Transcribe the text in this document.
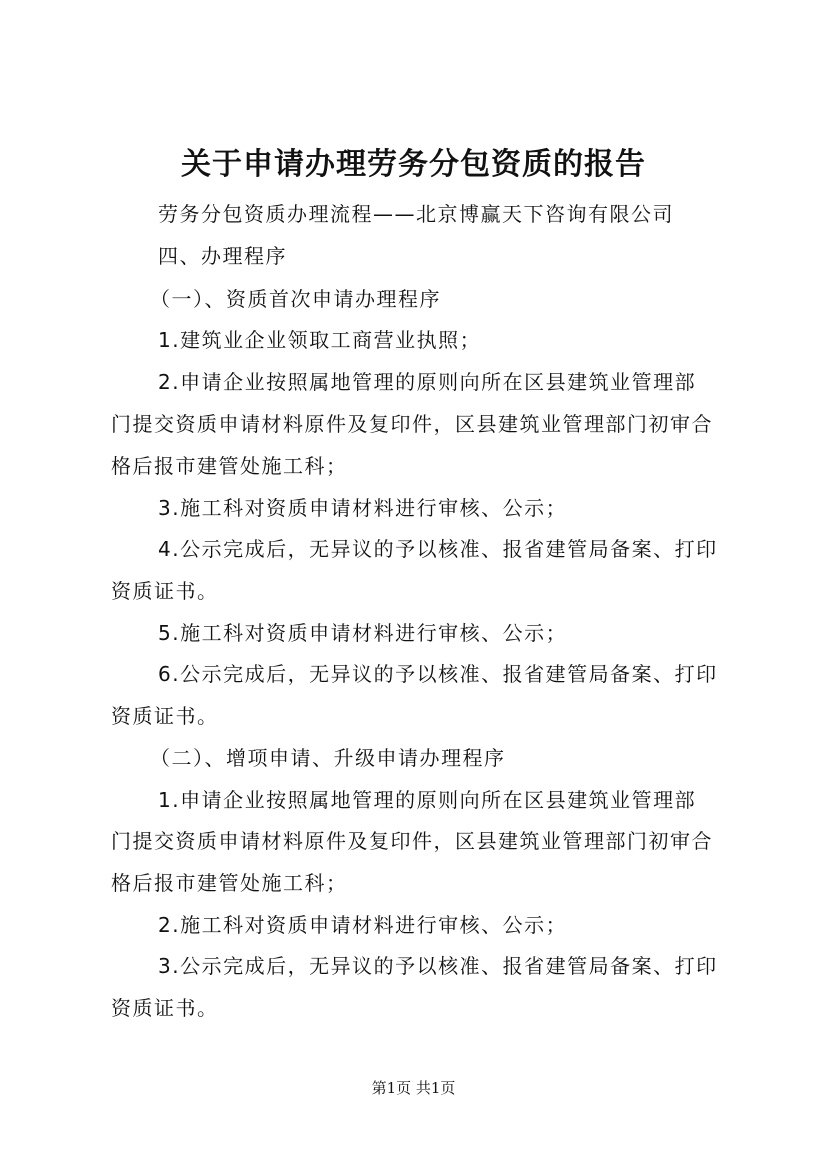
关于申请办理劳务分包资质的报告
劳务分包资质办理流程——北京博赢天下咨询有限公司
四、办理程序
（一）、资质首次申请办理程序
1.建筑业企业领取工商营业执照；
2.申请企业按照属地管理的原则向所在区县建筑业管理部
门提交资质申请材料原件及复印件，区县建筑业管理部门初审合
格后报市建管处施工科；
3.施工科对资质申请材料进行审核、公示；
4.公示完成后，无异议的予以核准、报省建管局备案、打印
资质证书。
5.施工科对资质申请材料进行审核、公示；
6.公示完成后，无异议的予以核准、报省建管局备案、打印
资质证书。
（二）、增项申请、升级申请办理程序
1.申请企业按照属地管理的原则向所在区县建筑业管理部
门提交资质申请材料原件及复印件，区县建筑业管理部门初审合
格后报市建管处施工科；
2.施工科对资质申请材料进行审核、公示；
3.公示完成后，无异议的予以核准、报省建管局备案、打印
资质证书。
第1页 共1页
